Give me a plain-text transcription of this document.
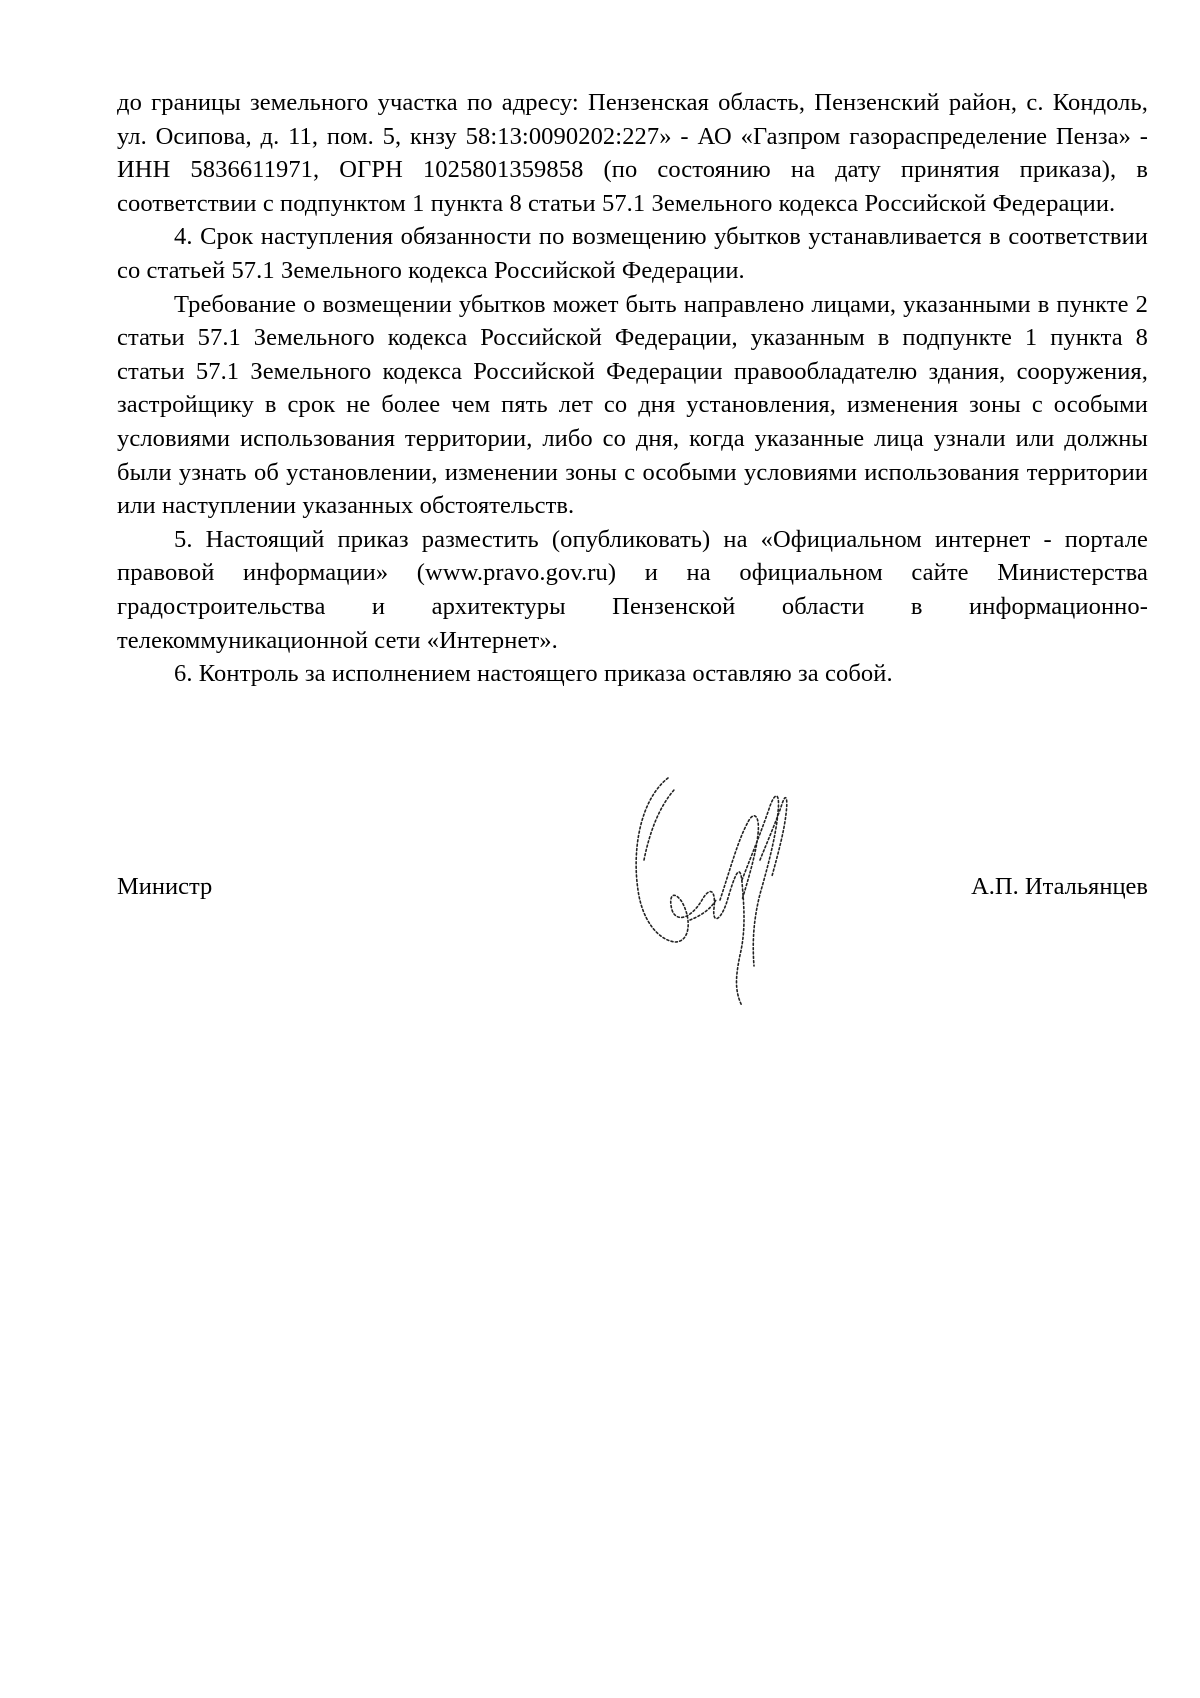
до границы земельного участка по адресу: Пензенская область, Пензенский район, с. Кондоль, ул. Осипова, д. 11, пом. 5, кнзу 58:13:0090202:227» - АО «Газпром газораспределение Пенза» - ИНН 5836611971, ОГРН 1025801359858 (по состоянию на дату принятия приказа), в соответствии с подпунктом 1 пункта 8 статьи 57.1 Земельного кодекса Российской Федерации.

4. Срок наступления обязанности по возмещению убытков устанавливается в соответствии со статьей 57.1 Земельного кодекса Российской Федерации.

Требование о возмещении убытков может быть направлено лицами, указанными в пункте 2 статьи 57.1 Земельного кодекса Российской Федерации, указанным в подпункте 1 пункта 8 статьи 57.1 Земельного кодекса Российской Федерации правообладателю здания, сооружения, застройщику в срок не более чем пять лет со дня установления, изменения зоны с особыми условиями использования территории, либо со дня, когда указанные лица узнали или должны были узнать об установлении, изменении зоны с особыми условиями использования территории или наступлении указанных обстоятельств.

5. Настоящий приказ разместить (опубликовать) на «Официальном интернет - портале правовой информации» (www.pravo.gov.ru) и на официальном сайте Министерства градостроительства и архитектуры Пензенской области в информационно-телекоммуникационной сети «Интернет».

6. Контроль за исполнением настоящего приказа оставляю за собой.

Министр	А.П. Итальянцев
